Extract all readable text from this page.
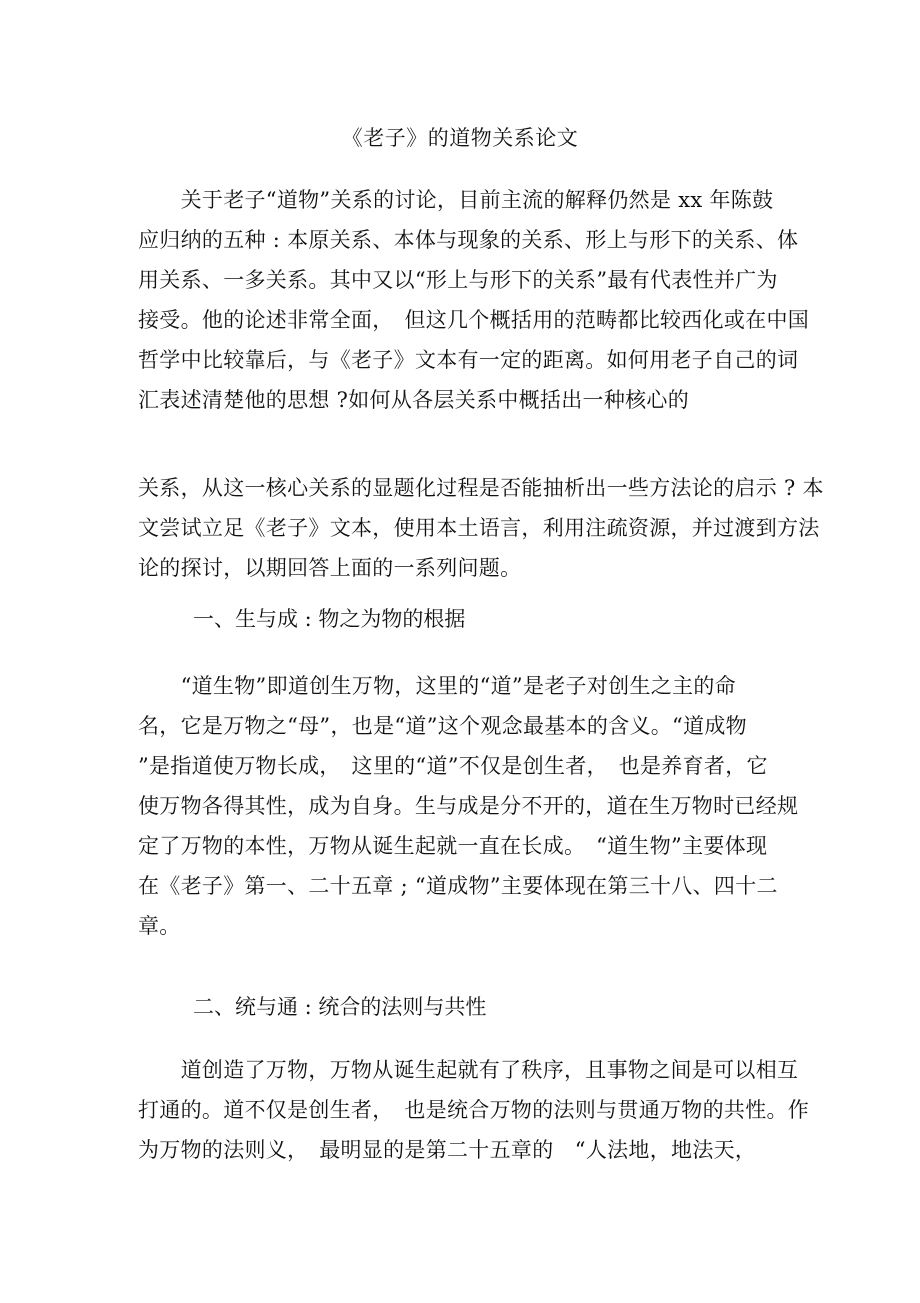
《老子》的道物关系论文
　　关于老子“道物”关系的讨论，目前主流的解释仍然是 xx 年陈鼓
应归纳的五种 : 本原关系、本体与现象的关系、形上与形下的关系、体
用关系、一多关系。其中又以“形上与形下的关系”最有代表性并广为
接受。他的论述非常全面，　但这几个概括用的范畴都比较西化或在中国
哲学中比较靠后，与《老子》文本有一定的距离。如何用老子自己的词
汇表述清楚他的思想 ?如何从各层关系中概括出一种核心的
关系，从这一核心关系的显题化过程是否能抽析出一些方法论的启示 ? 本
文尝试立足《老子》文本，使用本土语言，利用注疏资源，并过渡到方法
论的探讨，以期回答上面的一系列问题。
一、生与成 : 物之为物的根据
　　“道生物”即道创生万物，这里的“道”是老子对创生之主的命
名，它是万物之“母”，也是“道”这个观念最基本的含义。“道成物
”是指道使万物长成，　这里的“道”不仅是创生者，　也是养育者，它
使万物各得其性，成为自身。生与成是分不开的，道在生万物时已经规
定了万物的本性，万物从诞生起就一直在长成。　“道生物”主要体现
在《老子》第一、二十五章 ; “道成物”主要体现在第三十八、四十二
章。
二、统与通 : 统合的法则与共性
　　道创造了万物，万物从诞生起就有了秩序，且事物之间是可以相互
打通的。道不仅是创生者，　也是统合万物的法则与贯通万物的共性。作
为万物的法则义，　最明显的是第二十五章的　“人法地，地法天，
